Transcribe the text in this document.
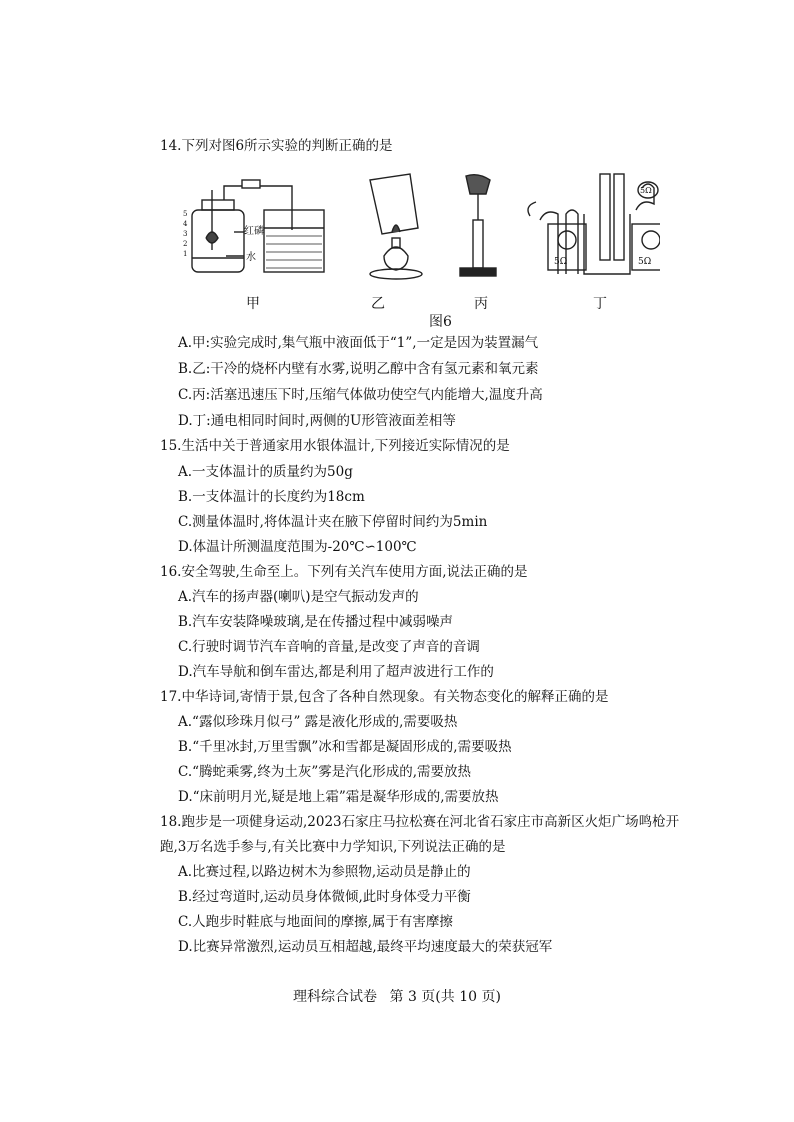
14.下列对图6所示实验的判断正确的是
5
4
3
2
1
红磷
水	5Ω	5Ω
5Ω
甲	乙	丙	丁
图6
A.甲:实验完成时,集气瓶中液面低于“1”,一定是因为装置漏气
B.乙:干冷的烧杯内壁有水雾,说明乙醇中含有氢元素和氧元素
C.丙:活塞迅速压下时,压缩气体做功使空气内能增大,温度升高
D.丁:通电相同时间时,两侧的U形管液面差相等
15.生活中关于普通家用水银体温计,下列接近实际情况的是
A.一支体温计的质量约为50g
B.一支体温计的长度约为18cm
C.测量体温时,将体温计夹在腋下停留时间约为5min
D.体温计所测温度范围为-20℃∽100℃
16.安全驾驶,生命至上。下列有关汽车使用方面,说法正确的是
A.汽车的扬声器(喇叭)是空气振动发声的
B.汽车安装降噪玻璃,是在传播过程中减弱噪声
C.行驶时调节汽车音响的音量,是改变了声音的音调
D.汽车导航和倒车雷达,都是利用了超声波进行工作的
17.中华诗词,寄情于景,包含了各种自然现象。有关物态变化的解释正确的是
A.“露似珍珠月似弓” 露是液化形成的,需要吸热
B.“千里冰封,万里雪飘”冰和雪都是凝固形成的,需要吸热
C.“腾蛇乘雾,终为土灰”雾是汽化形成的,需要放热
D.“床前明月光,疑是地上霜”霜是凝华形成的,需要放热
18.跑步是一项健身运动,2023石家庄马拉松赛在河北省石家庄市高新区火炬广场鸣枪开
跑,3万名选手参与,有关比赛中力学知识,下列说法正确的是
A.比赛过程,以路边树木为参照物,运动员是静止的
B.经过弯道时,运动员身体微倾,此时身体受力平衡
C.人跑步时鞋底与地面间的摩擦,属于有害摩擦
D.比赛异常激烈,运动员互相超越,最终平均速度最大的荣获冠军
理科综合试卷 第 3 页(共 10 页)
